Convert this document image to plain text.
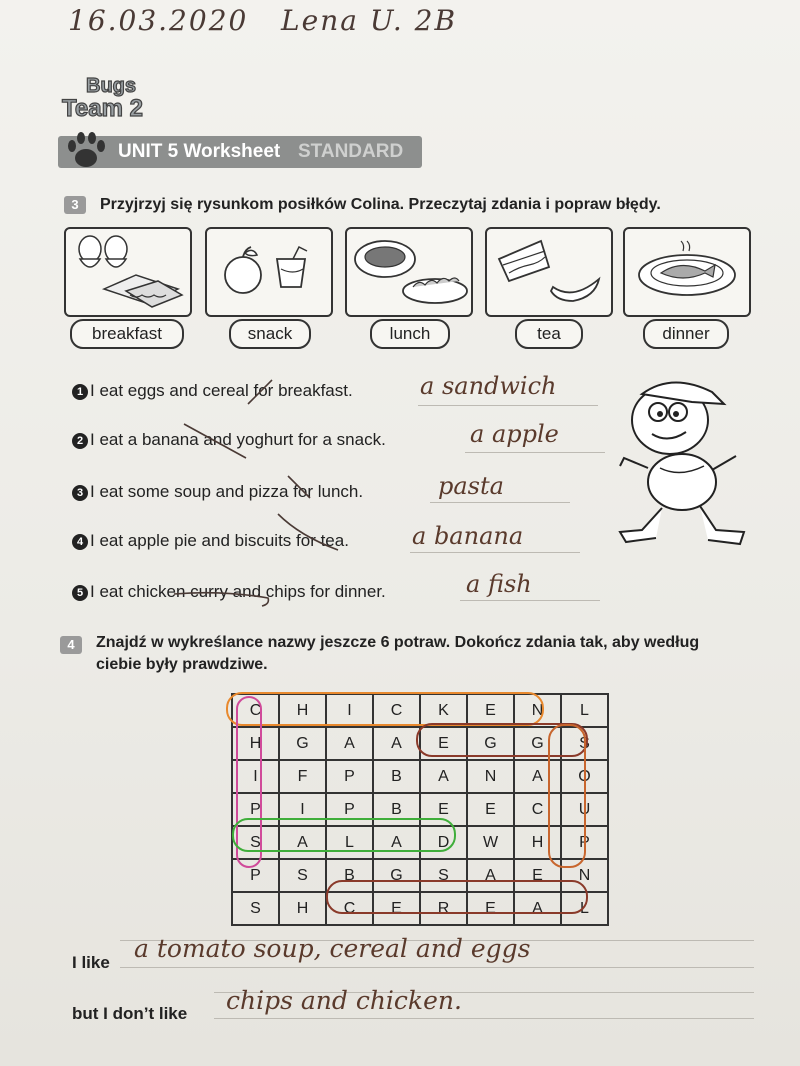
16.03.2020 Lena U. 2B
Bugs
Team 2
UNIT 5 Worksheet STANDARD
3	Przyjrzyj się rysunkom posiłków Colina. Przeczytaj zdania i popraw błędy.
breakfast	snack	lunch	tea	dinner
1 I eat eggs and cereal for breakfast.
2 I eat a banana and yoghurt for a snack.
3 I eat some soup and pizza for lunch.
4 I eat apple pie and biscuits for tea.
5 I eat chicken curry and chips for dinner.
a sandwich
a apple
pasta
a banana
a fish
4	Znajdź w wykreślance nazwy jeszcze 6 potraw. Dokończ zdania tak, aby według
ciebie były prawdziwe.
C	H	I	C	K	E	N	L
H	G	A	A	E	G	G	S
I	F	P	B	A	N	A	O
P	I	P	B	E	E	C	U
S	A	L	A	D	W	H	P
P	S	B	G	S	A	E	N
S	H	C	E	R	E	A	L
I like a tomato soup, cereal and eggs
but I don’t like chips and chicken.
